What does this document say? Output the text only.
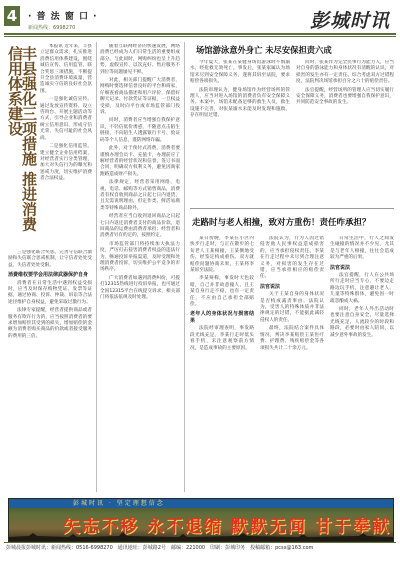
4	· 普 法 窗 口 ·
新闻热线：6998270	彭城时讯
丰县强化三项措施 推进消费信用体系建设	本报讯 近年来，丰县立足群众需求，扎实推进消费信用体系建设，围绕诚信宣传、信用监管、联合奖惩三项措施，不断提升全县消费环境质量，营造诚实守信的良好社会氛围。

一是强化诚信宣传。通过发放宣传资料、设立咨询台、开展主题活动等方式，引导企业和消费者树立信用意识，形成守信光荣、失信可耻的社会风尚。

二是强化信用监管。建立健全企业信用档案，对经营者实行分类管理，加大对失信行为的曝光和惩戒力度，切实维护消费者合法权益。

三是强化联合奖惩。完善守信联合激励和失信联合惩戒机制，让守信者处处受益、失信者处处受限。

消费维权要学会用法律武器保护自身

消费者在日常生活中遇到权益受损时，应当及时保存购物凭证、发票等证据，通过协商、投诉、仲裁、诉讼等合法途径维护自身权益，避免采取过激行为。

法律专家提醒，经营者提供商品或者服务有欺诈行为的，应当按照消费者的要求增加赔偿其受到的损失，增加赔偿的金额为消费者购买商品的价款或者接受服务的费用的三倍。

随着互联网经济的快速发展，网络消费已经成为人们日常生活的重要组成部分。与此同时，网购纠纷也呈上升趋势，虚假宣传、以次充好、售后服务不到位等问题屡见不鲜。

对此，相关部门提醒广大消费者，网购时要选择信誉良好的平台和商家，仔细查看商品描述和用户评价，保留好聊天记录、付款凭证等证据，一旦权益受损，及时向平台或市场监管部门投诉。

同时，消费者应当增强自我保护意识，不轻信低价诱惑，不随意点击陌生链接，不向陌生人透露银行卡号、验证码等个人信息，谨防网络诈骗。

此外，对于预付式消费，消费者要谨慎办理会员卡、充值卡，办理前应了解经营者的经营状况和信誉，签订书面合同，明确双方权利义务，避免因商家跑路造成财产损失。

法律规定，经营者采用网络、电视、电话、邮购等方式销售商品，消费者有权自收到商品之日起七日内退货，且无需说明理由，但定作类、鲜活易腐类等特殊商品除外。

经营者应当自收到退回商品之日起七日内返还消费者支付的商品价款。退回商品的运费由消费者承担；经营者和消费者另有约定的，按照约定。

市场监管部门将持续加大执法力度，严厉打击侵害消费者权益的违法行为，畅通投诉举报渠道，及时受理和处理消费者投诉，切实维护公平竞争的市场秩序。

广大消费者如遇到消费纠纷，可拨打12315热线进行投诉举报，也可通过全国12315平台在线提交诉求，相关部门将依法依规及时处理。

场馆游泳意外身亡 未尽安保担责六成

今年夏天，张某在某健身场馆游泳时不慎溺水，经抢救无效死亡。事发后，张某家属认为场馆未尽到安全保障义务，遂将其诉至法院，要求赔偿各项损失。

法院审理认为，健身场馆作为经营场所的管理人，应当对进入场馆的消费者负有安全保障义务。本案中，场馆未配备足够的救生人员，救生设施不完善，对张某溺水未能及时发现和施救，存在明显过错。

同时，张某作为完全民事行为能力人，应当对自身的游泳能力和身体状况有清醒的认识，对损害的发生亦有一定责任。综合考虑双方过错程度，法院判决场馆承担百分之六十的赔偿责任。

法官提醒，经营场所的管理人应当切实履行安全保障义务，消费者也要增强自我保护意识，共同防范安全事故的发生。

走路时与老人相撞，致对方重伤！责任咋承担？

某日傍晚，李某在小区内快步行走时，与正在散步的七旬老人王某相撞，王某倒地受伤，经鉴定构成重伤。双方就赔偿问题协商未果，王某将李某诉至法院。

李某辩称，事发时天色较暗，自己并非故意撞人，且王某自身行走不稳，也有一定责任，不应由自己承担全部赔偿。

老年人的身体状况与损害结果

法院经审理查明，事发路段光线充足，李某行走时低头看手机，未注意观察前方情况，是造成事故的主要原因。

法院认为，行为人因过错侵害他人民事权益造成损害的，应当承担侵权责任。李某在行走过程中未尽到合理注意义务，对损害的发生存在过错，应当承担相应的赔偿责任。

法官说法

关于王某自身的身体状况是否构成减责事由，法院认为，受害人的特殊体质并非法律规定的过错，不能据此减轻侵权人的责任。

最终，法院结合案件具体情况，判决李某赔偿王某医疗费、护理费、残疾赔偿金等各项损失共计二十余万元。

日常生活中，行人之间发生碰撞的情况并不少见，尤其是与老年人相撞，往往会造成较为严重的后果。

法官说法

法官提醒，行人在公共场所行走时应当专心，不要边走路边玩手机，注意避让老人、儿童等特殊群体，避免因一时疏忽酿成大祸。

同时，老年人外出活动时也要注意自身安全，尽量选择光线充足、人流较少的时段和路段，必要时由家人陪同，以减少意外事故的发生。

彭城时讯 · 坚定理想信念
矢志不移 永不退缩 默默无闻 甘于奉献
彭城晨报彭城时讯：新闻热线：0516-6998270　通讯地址：彭城路2号　邮编：221000　印刷：彭城印务　投稿邮箱：pcsx@163.com
